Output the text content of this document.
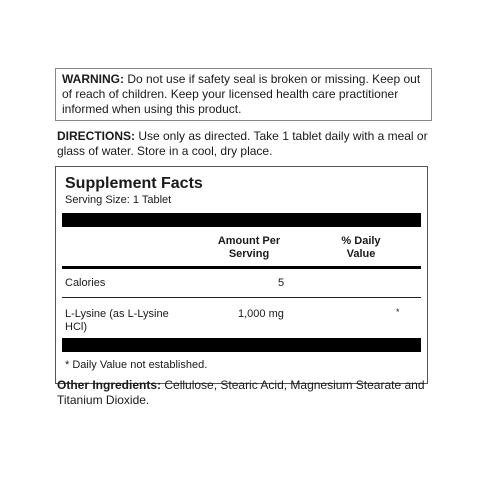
WARNING: Do not use if safety seal is broken or missing. Keep out of reach of children. Keep your licensed health care practitioner informed when using this product.
DIRECTIONS: Use only as directed. Take 1 tablet daily with a meal or glass of water. Store in a cool, dry place.
Supplement Facts
Serving Size: 1 Tablet
Amount Per
Serving
% Daily
Value
Calories	5
L-Lysine (as L-Lysine
HCl)
1,000 mg	*
* Daily Value not established.
Other Ingredients: Cellulose, Stearic Acid, Magnesium Stearate and Titanium Dioxide.
